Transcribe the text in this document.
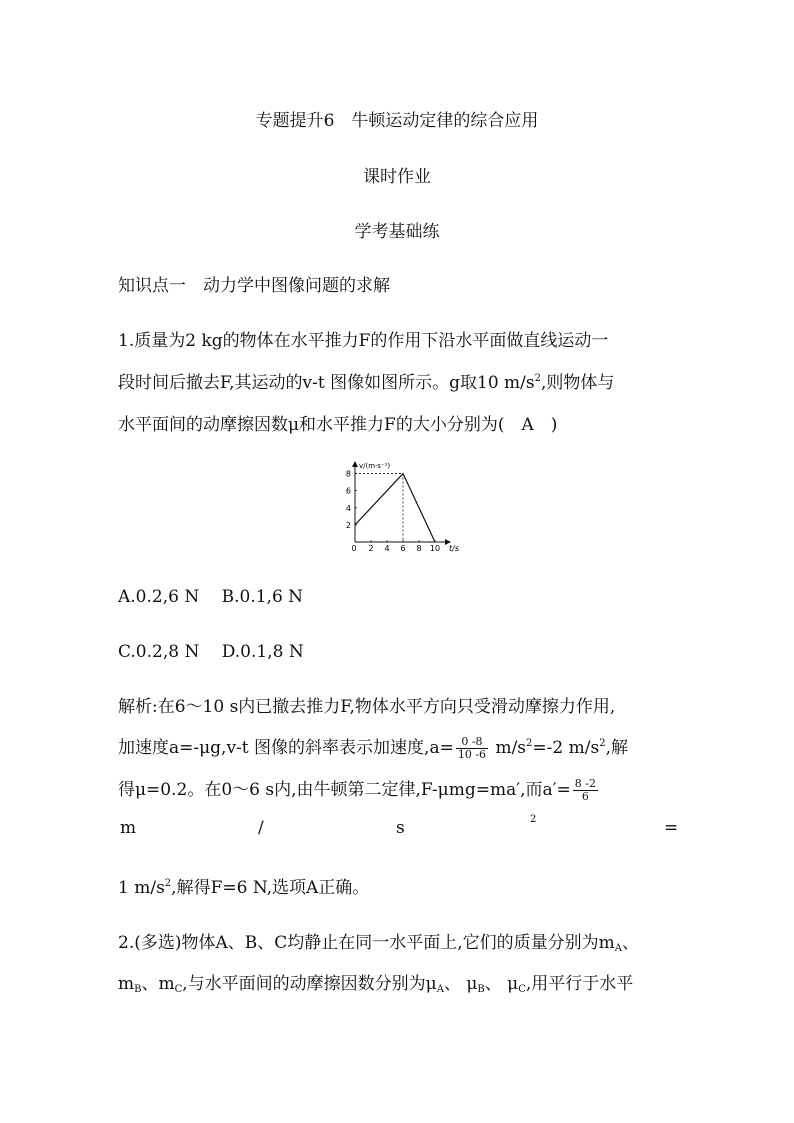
专题提升6　牛顿运动定律的综合应用
课时作业
学考基础练
知识点一　动力学中图像问题的求解
1.质量为2 kg的物体在水平推力F的作用下沿水平面做直线运动一
段时间后撤去F,其运动的v-t 图像如图所示。g取10 $m/s^2$,则物体与
水平面间的动摩擦因数μ和水平推力F的大小分别为(　A　)
v/(m·s⁻¹)
t/s
0 2 4 6 8 10
2
4
6
8
A.0.2,6 N　 B.0.1,6 N
C.0.2,8 N　 D.0.1,8 N
解析:在6～10 s内已撤去推力F,物体水平方向只受滑动摩擦力作用,
加速度a=-μg,v-t 图像的斜率表示加速度$,a= \frac{0 -8}{10 -6} m/s^2=-2$ $m/s^2$,解
得μ=0.2。在0～6 s内,由牛顿第二定律,F-μmg=ma′,而$a'= \frac{8 -2}{6}$
m	/	s	2	=
1 $m/s^2$,解得F=6 N,选项A正确。
2.(多选)物体A、B、C均静止在同一水平面上,它们的质量分别为$m_A$、
$m_B$、$m_C$,与水平面间的动摩擦因数分别为$\mu_A$、 $\mu_B$、 $\mu_C$,用平行于水平
